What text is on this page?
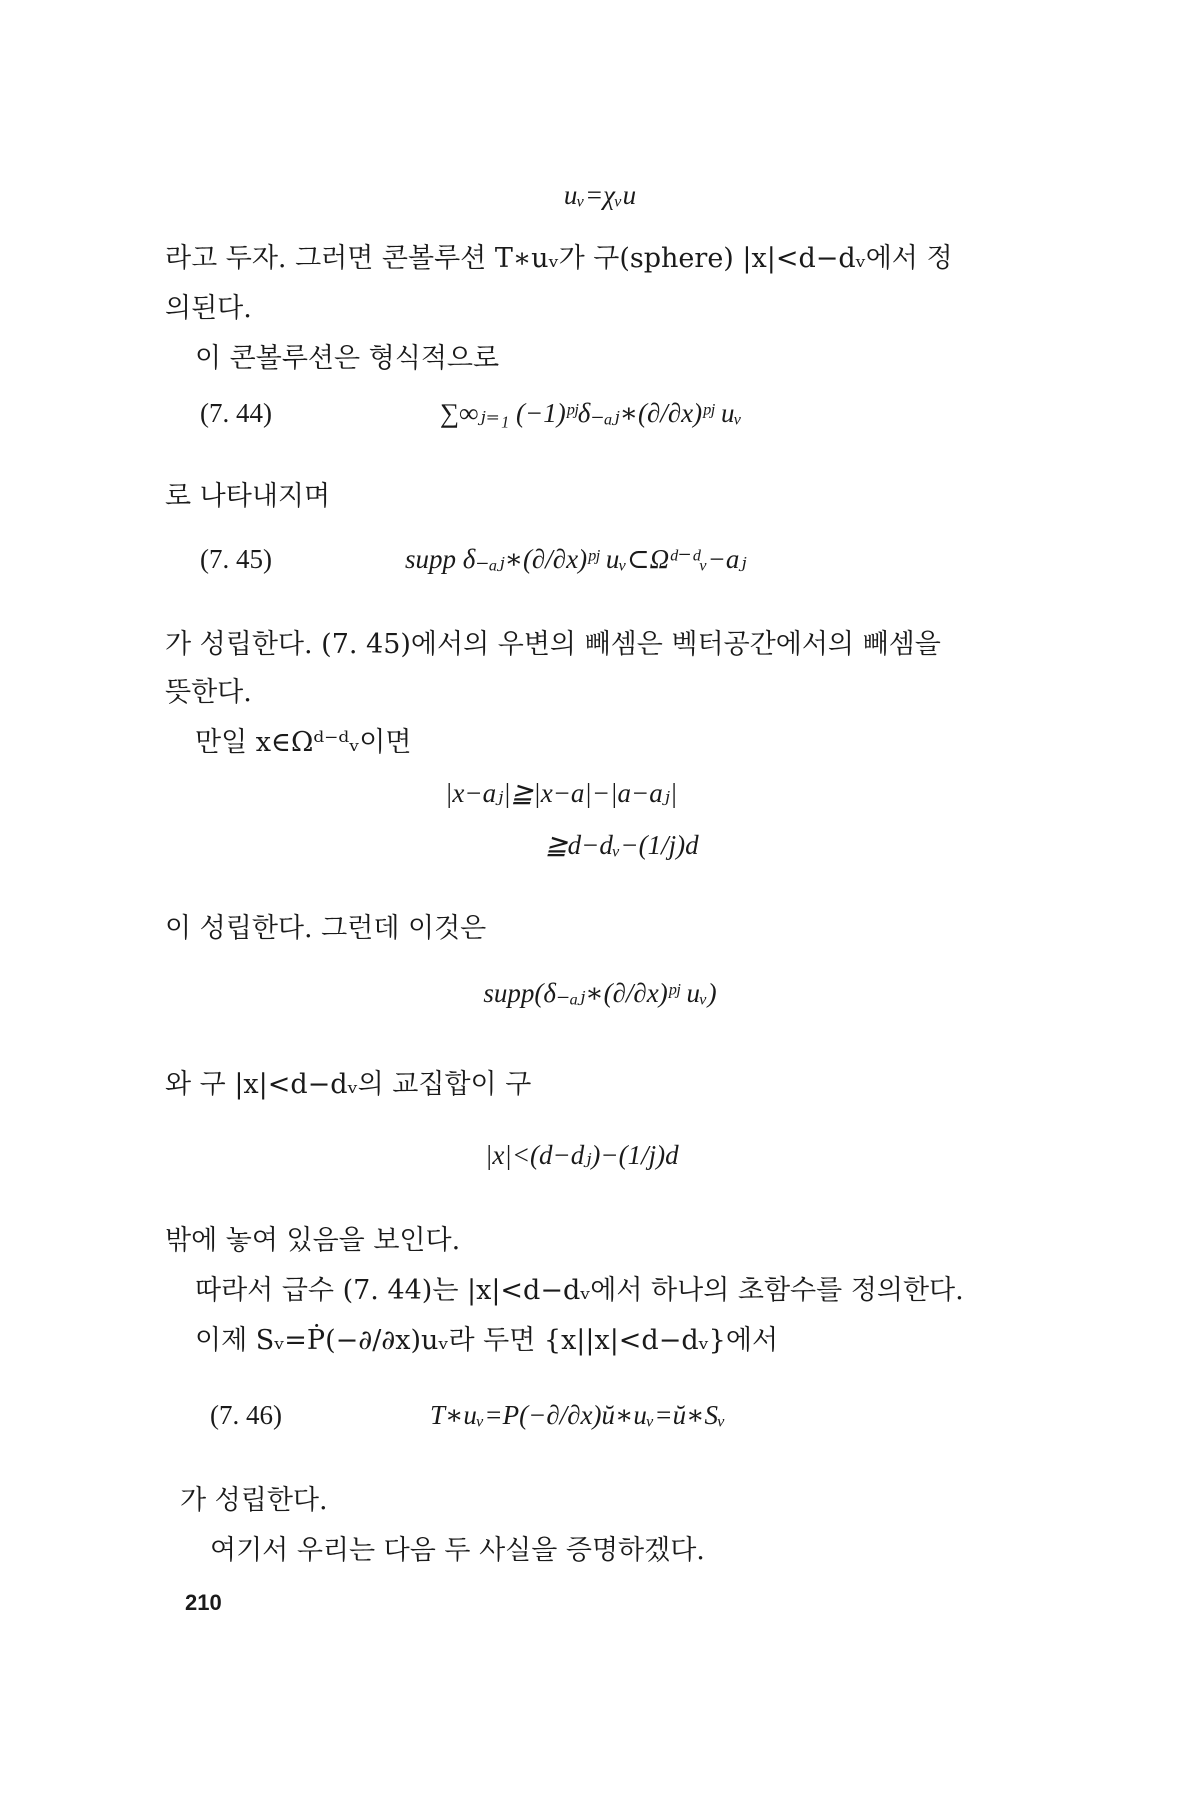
uᵥ=χᵥu
라고 두자. 그러면 콘볼루션 T∗uᵥ가 구(sphere) |x|<d−dᵥ에서 정
의된다.
이 콘볼루션은 형식적으로
(7. 44)	∑∞ⱼ₌₁ (−1)ᵖʲδ₋ₐⱼ∗(∂/∂x)ᵖʲ uᵥ
로 나타내지며
(7. 45)	supp δ₋ₐⱼ∗(∂/∂x)ᵖʲ uᵥ⊂Ωᵈ⁻ᵈᵥ−aⱼ
가 성립한다. (7. 45)에서의 우변의 빼셈은 벡터공간에서의 빼셈을
뜻한다.
만일 x∈Ωᵈ⁻ᵈᵥ이면
|x−aⱼ|≧|x−a|−|a−aⱼ|
≧d−dᵥ−(1/j)d
이 성립한다. 그런데 이것은
supp(δ₋ₐⱼ∗(∂/∂x)ᵖʲ uᵥ)
와 구 |x|<d−dᵥ의 교집합이 구
|x|<(d−dⱼ)−(1/j)d
밖에 놓여 있음을 보인다.
따라서 급수 (7. 44)는 |x|<d−dᵥ에서 하나의 초함수를 정의한다.
이제 Sᵥ=Ṗ(−∂/∂x)uᵥ라 두면 {x||x|<d−dᵥ}에서
(7. 46)	T∗uᵥ=P(−∂/∂x)ŭ∗uᵥ=ŭ∗Sᵥ
가 성립한다.
여기서 우리는 다음 두 사실을 증명하겠다.
210
